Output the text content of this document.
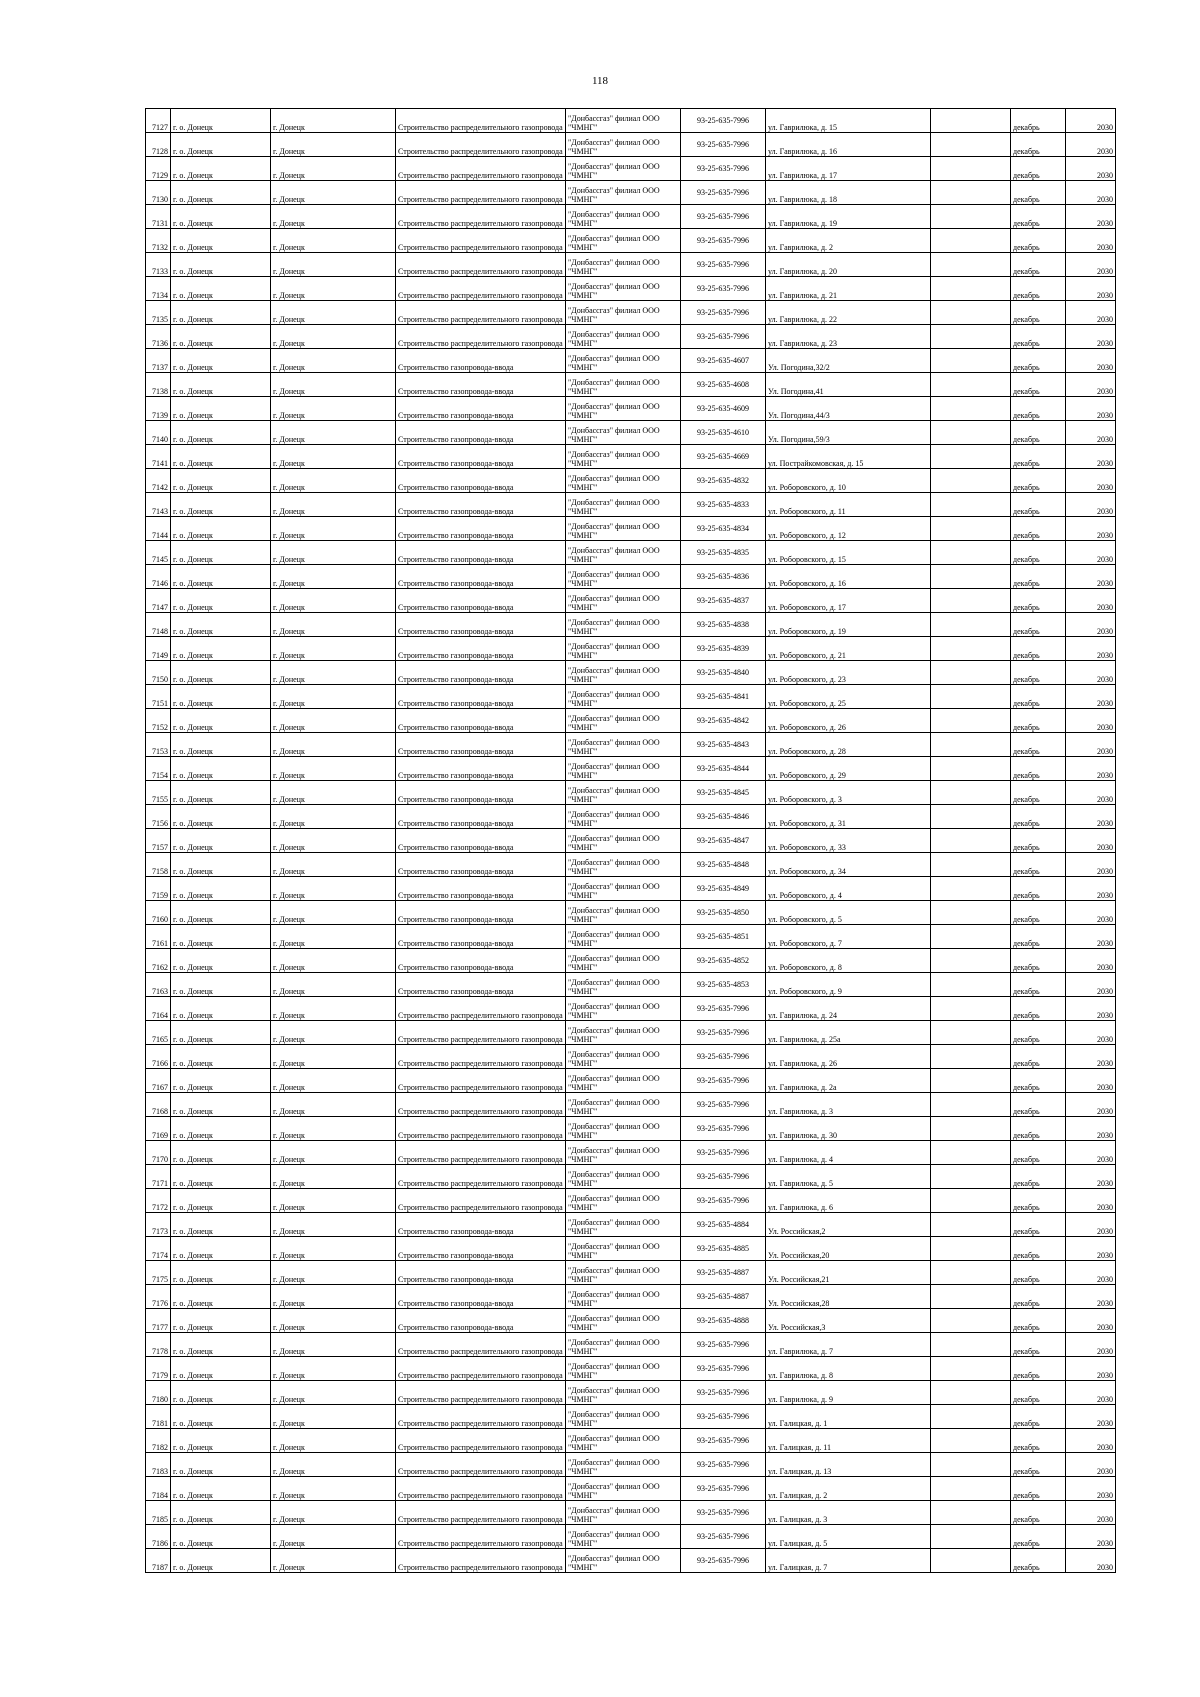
118
7127	г. о. Донецк	г. Донецк	Строительство распределительного газопровода	"Донбассгаз" филиал ООО "ЧМНГ"	93-25-635-7996	ул. Гаврилюка, д. 15		декабрь	2030
7128	г. о. Донецк	г. Донецк	Строительство распределительного газопровода	"Донбассгаз" филиал ООО "ЧМНГ"	93-25-635-7996	ул. Гаврилюка, д. 16		декабрь	2030
7129	г. о. Донецк	г. Донецк	Строительство распределительного газопровода	"Донбассгаз" филиал ООО "ЧМНГ"	93-25-635-7996	ул. Гаврилюка, д. 17		декабрь	2030
7130	г. о. Донецк	г. Донецк	Строительство распределительного газопровода	"Донбассгаз" филиал ООО "ЧМНГ"	93-25-635-7996	ул. Гаврилюка, д. 18		декабрь	2030
7131	г. о. Донецк	г. Донецк	Строительство распределительного газопровода	"Донбассгаз" филиал ООО "ЧМНГ"	93-25-635-7996	ул. Гаврилюка, д. 19		декабрь	2030
7132	г. о. Донецк	г. Донецк	Строительство распределительного газопровода	"Донбассгаз" филиал ООО "ЧМНГ"	93-25-635-7996	ул. Гаврилюка, д. 2		декабрь	2030
7133	г. о. Донецк	г. Донецк	Строительство распределительного газопровода	"Донбассгаз" филиал ООО "ЧМНГ"	93-25-635-7996	ул. Гаврилюка, д. 20		декабрь	2030
7134	г. о. Донецк	г. Донецк	Строительство распределительного газопровода	"Донбассгаз" филиал ООО "ЧМНГ"	93-25-635-7996	ул. Гаврилюка, д. 21		декабрь	2030
7135	г. о. Донецк	г. Донецк	Строительство распределительного газопровода	"Донбассгаз" филиал ООО "ЧМНГ"	93-25-635-7996	ул. Гаврилюка, д. 22		декабрь	2030
7136	г. о. Донецк	г. Донецк	Строительство распределительного газопровода	"Донбассгаз" филиал ООО "ЧМНГ"	93-25-635-7996	ул. Гаврилюка, д. 23		декабрь	2030
7137	г. о. Донецк	г. Донецк	Строительство газопровода-ввода	"Донбассгаз" филиал ООО "ЧМНГ"	93-25-635-4607	Ул. Погодина,32/2		декабрь	2030
7138	г. о. Донецк	г. Донецк	Строительство газопровода-ввода	"Донбассгаз" филиал ООО "ЧМНГ"	93-25-635-4608	Ул. Погодина,41		декабрь	2030
7139	г. о. Донецк	г. Донецк	Строительство газопровода-ввода	"Донбассгаз" филиал ООО "ЧМНГ"	93-25-635-4609	Ул. Погодина,44/3		декабрь	2030
7140	г. о. Донецк	г. Донецк	Строительство газопровода-ввода	"Донбассгаз" филиал ООО "ЧМНГ"	93-25-635-4610	Ул. Погодина,59/3		декабрь	2030
7141	г. о. Донецк	г. Донецк	Строительство газопровода-ввода	"Донбассгаз" филиал ООО "ЧМНГ"	93-25-635-4669	ул. Пострайкомовская, д. 15		декабрь	2030
7142	г. о. Донецк	г. Донецк	Строительство газопровода-ввода	"Донбассгаз" филиал ООО "ЧМНГ"	93-25-635-4832	ул. Роборовского, д. 10		декабрь	2030
7143	г. о. Донецк	г. Донецк	Строительство газопровода-ввода	"Донбассгаз" филиал ООО "ЧМНГ"	93-25-635-4833	ул. Роборовского, д. 11		декабрь	2030
7144	г. о. Донецк	г. Донецк	Строительство газопровода-ввода	"Донбассгаз" филиал ООО "ЧМНГ"	93-25-635-4834	ул. Роборовского, д. 12		декабрь	2030
7145	г. о. Донецк	г. Донецк	Строительство газопровода-ввода	"Донбассгаз" филиал ООО "ЧМНГ"	93-25-635-4835	ул. Роборовского, д. 15		декабрь	2030
7146	г. о. Донецк	г. Донецк	Строительство газопровода-ввода	"Донбассгаз" филиал ООО "ЧМНГ"	93-25-635-4836	ул. Роборовского, д. 16		декабрь	2030
7147	г. о. Донецк	г. Донецк	Строительство газопровода-ввода	"Донбассгаз" филиал ООО "ЧМНГ"	93-25-635-4837	ул. Роборовского, д. 17		декабрь	2030
7148	г. о. Донецк	г. Донецк	Строительство газопровода-ввода	"Донбассгаз" филиал ООО "ЧМНГ"	93-25-635-4838	ул. Роборовского, д. 19		декабрь	2030
7149	г. о. Донецк	г. Донецк	Строительство газопровода-ввода	"Донбассгаз" филиал ООО "ЧМНГ"	93-25-635-4839	ул. Роборовского, д. 21		декабрь	2030
7150	г. о. Донецк	г. Донецк	Строительство газопровода-ввода	"Донбассгаз" филиал ООО "ЧМНГ"	93-25-635-4840	ул. Роборовского, д. 23		декабрь	2030
7151	г. о. Донецк	г. Донецк	Строительство газопровода-ввода	"Донбассгаз" филиал ООО "ЧМНГ"	93-25-635-4841	ул. Роборовского, д. 25		декабрь	2030
7152	г. о. Донецк	г. Донецк	Строительство газопровода-ввода	"Донбассгаз" филиал ООО "ЧМНГ"	93-25-635-4842	ул. Роборовского, д. 26		декабрь	2030
7153	г. о. Донецк	г. Донецк	Строительство газопровода-ввода	"Донбассгаз" филиал ООО "ЧМНГ"	93-25-635-4843	ул. Роборовского, д. 28		декабрь	2030
7154	г. о. Донецк	г. Донецк	Строительство газопровода-ввода	"Донбассгаз" филиал ООО "ЧМНГ"	93-25-635-4844	ул. Роборовского, д. 29		декабрь	2030
7155	г. о. Донецк	г. Донецк	Строительство газопровода-ввода	"Донбассгаз" филиал ООО "ЧМНГ"	93-25-635-4845	ул. Роборовского, д. 3		декабрь	2030
7156	г. о. Донецк	г. Донецк	Строительство газопровода-ввода	"Донбассгаз" филиал ООО "ЧМНГ"	93-25-635-4846	ул. Роборовского, д. 31		декабрь	2030
7157	г. о. Донецк	г. Донецк	Строительство газопровода-ввода	"Донбассгаз" филиал ООО "ЧМНГ"	93-25-635-4847	ул. Роборовского, д. 33		декабрь	2030
7158	г. о. Донецк	г. Донецк	Строительство газопровода-ввода	"Донбассгаз" филиал ООО "ЧМНГ"	93-25-635-4848	ул. Роборовского, д. 34		декабрь	2030
7159	г. о. Донецк	г. Донецк	Строительство газопровода-ввода	"Донбассгаз" филиал ООО "ЧМНГ"	93-25-635-4849	ул. Роборовского, д. 4		декабрь	2030
7160	г. о. Донецк	г. Донецк	Строительство газопровода-ввода	"Донбассгаз" филиал ООО "ЧМНГ"	93-25-635-4850	ул. Роборовского, д. 5		декабрь	2030
7161	г. о. Донецк	г. Донецк	Строительство газопровода-ввода	"Донбассгаз" филиал ООО "ЧМНГ"	93-25-635-4851	ул. Роборовского, д. 7		декабрь	2030
7162	г. о. Донецк	г. Донецк	Строительство газопровода-ввода	"Донбассгаз" филиал ООО "ЧМНГ"	93-25-635-4852	ул. Роборовского, д. 8		декабрь	2030
7163	г. о. Донецк	г. Донецк	Строительство газопровода-ввода	"Донбассгаз" филиал ООО "ЧМНГ"	93-25-635-4853	ул. Роборовского, д. 9		декабрь	2030
7164	г. о. Донецк	г. Донецк	Строительство распределительного газопровода	"Донбассгаз" филиал ООО "ЧМНГ"	93-25-635-7996	ул. Гаврилюка, д. 24		декабрь	2030
7165	г. о. Донецк	г. Донецк	Строительство распределительного газопровода	"Донбассгаз" филиал ООО "ЧМНГ"	93-25-635-7996	ул. Гаврилюка, д. 25а		декабрь	2030
7166	г. о. Донецк	г. Донецк	Строительство распределительного газопровода	"Донбассгаз" филиал ООО "ЧМНГ"	93-25-635-7996	ул. Гаврилюка, д. 26		декабрь	2030
7167	г. о. Донецк	г. Донецк	Строительство распределительного газопровода	"Донбассгаз" филиал ООО "ЧМНГ"	93-25-635-7996	ул. Гаврилюка, д. 2а		декабрь	2030
7168	г. о. Донецк	г. Донецк	Строительство распределительного газопровода	"Донбассгаз" филиал ООО "ЧМНГ"	93-25-635-7996	ул. Гаврилюка, д. 3		декабрь	2030
7169	г. о. Донецк	г. Донецк	Строительство распределительного газопровода	"Донбассгаз" филиал ООО "ЧМНГ"	93-25-635-7996	ул. Гаврилюка, д. 30		декабрь	2030
7170	г. о. Донецк	г. Донецк	Строительство распределительного газопровода	"Донбассгаз" филиал ООО "ЧМНГ"	93-25-635-7996	ул. Гаврилюка, д. 4		декабрь	2030
7171	г. о. Донецк	г. Донецк	Строительство распределительного газопровода	"Донбассгаз" филиал ООО "ЧМНГ"	93-25-635-7996	ул. Гаврилюка, д. 5		декабрь	2030
7172	г. о. Донецк	г. Донецк	Строительство распределительного газопровода	"Донбассгаз" филиал ООО "ЧМНГ"	93-25-635-7996	ул. Гаврилюка, д. 6		декабрь	2030
7173	г. о. Донецк	г. Донецк	Строительство газопровода-ввода	"Донбассгаз" филиал ООО "ЧМНГ"	93-25-635-4884	Ул. Российская,2		декабрь	2030
7174	г. о. Донецк	г. Донецк	Строительство газопровода-ввода	"Донбассгаз" филиал ООО "ЧМНГ"	93-25-635-4885	Ул. Российская,20		декабрь	2030
7175	г. о. Донецк	г. Донецк	Строительство газопровода-ввода	"Донбассгаз" филиал ООО "ЧМНГ"	93-25-635-4887	Ул. Российская,21		декабрь	2030
7176	г. о. Донецк	г. Донецк	Строительство газопровода-ввода	"Донбассгаз" филиал ООО "ЧМНГ"	93-25-635-4887	Ул. Российская,28		декабрь	2030
7177	г. о. Донецк	г. Донецк	Строительство газопровода-ввода	"Донбассгаз" филиал ООО "ЧМНГ"	93-25-635-4888	Ул. Российская,3		декабрь	2030
7178	г. о. Донецк	г. Донецк	Строительство распределительного газопровода	"Донбассгаз" филиал ООО "ЧМНГ"	93-25-635-7996	ул. Гаврилюка, д. 7		декабрь	2030
7179	г. о. Донецк	г. Донецк	Строительство распределительного газопровода	"Донбассгаз" филиал ООО "ЧМНГ"	93-25-635-7996	ул. Гаврилюка, д. 8		декабрь	2030
7180	г. о. Донецк	г. Донецк	Строительство распределительного газопровода	"Донбассгаз" филиал ООО "ЧМНГ"	93-25-635-7996	ул. Гаврилюка, д. 9		декабрь	2030
7181	г. о. Донецк	г. Донецк	Строительство распределительного газопровода	"Донбассгаз" филиал ООО "ЧМНГ"	93-25-635-7996	ул. Галицкая, д. 1		декабрь	2030
7182	г. о. Донецк	г. Донецк	Строительство распределительного газопровода	"Донбассгаз" филиал ООО "ЧМНГ"	93-25-635-7996	ул. Галицкая, д. 11		декабрь	2030
7183	г. о. Донецк	г. Донецк	Строительство распределительного газопровода	"Донбассгаз" филиал ООО "ЧМНГ"	93-25-635-7996	ул. Галицкая, д. 13		декабрь	2030
7184	г. о. Донецк	г. Донецк	Строительство распределительного газопровода	"Донбассгаз" филиал ООО "ЧМНГ"	93-25-635-7996	ул. Галицкая, д. 2		декабрь	2030
7185	г. о. Донецк	г. Донецк	Строительство распределительного газопровода	"Донбассгаз" филиал ООО "ЧМНГ"	93-25-635-7996	ул. Галицкая, д. 3		декабрь	2030
7186	г. о. Донецк	г. Донецк	Строительство распределительного газопровода	"Донбассгаз" филиал ООО "ЧМНГ"	93-25-635-7996	ул. Галицкая, д. 5		декабрь	2030
7187	г. о. Донецк	г. Донецк	Строительство распределительного газопровода	"Донбассгаз" филиал ООО "ЧМНГ"	93-25-635-7996	ул. Галицкая, д. 7		декабрь	2030
